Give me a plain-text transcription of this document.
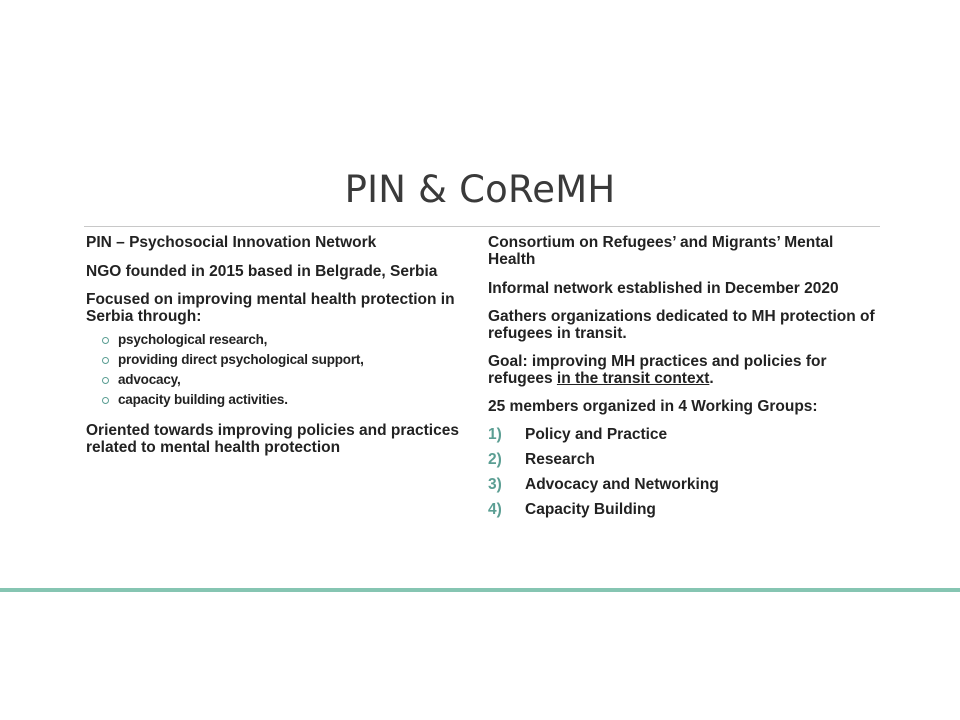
PIN & CoReMH

PIN – Psychosocial Innovation Network

NGO founded in 2015 based in Belgrade, Serbia

Focused on improving mental health protection in Serbia through:

psychological research,
providing direct psychological support,
advocacy,
capacity building activities.

Oriented towards improving policies and practices related to mental health protection

Consortium on Refugees’ and Migrants’ Mental Health

Informal network established in December 2020

Gathers organizations dedicated to MH protection of refugees in transit.

Goal: improving MH practices and policies for refugees in the transit context.

25 members organized in 4 Working Groups:

1)	Policy and Practice
2)	Research
3)	Advocacy and Networking
4)	Capacity Building
